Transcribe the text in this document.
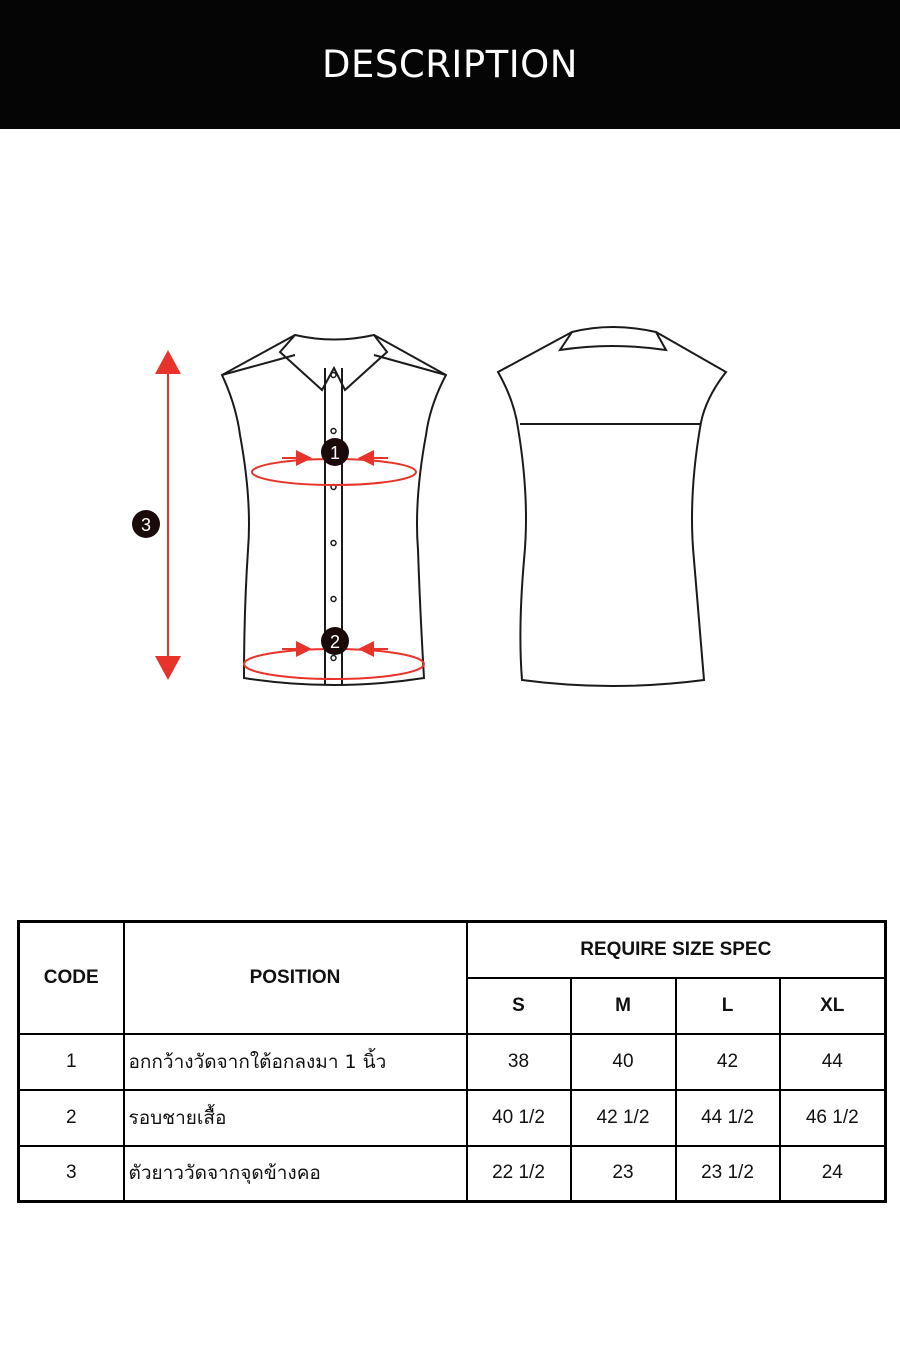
DESCRIPTION
1
2
3
CODE	POSITION	REQUIRE SIZE SPEC			
		S	M	L	XL
1	อกกว้างวัดจากใต้อกลงมา 1 นิ้ว	38	40	42	44
2	รอบชายเสื้อ	40 1/2	42 1/2	44 1/2	46 1/2
3	ตัวยาววัดจากจุดข้างคอ	22 1/2	23	23 1/2	24
